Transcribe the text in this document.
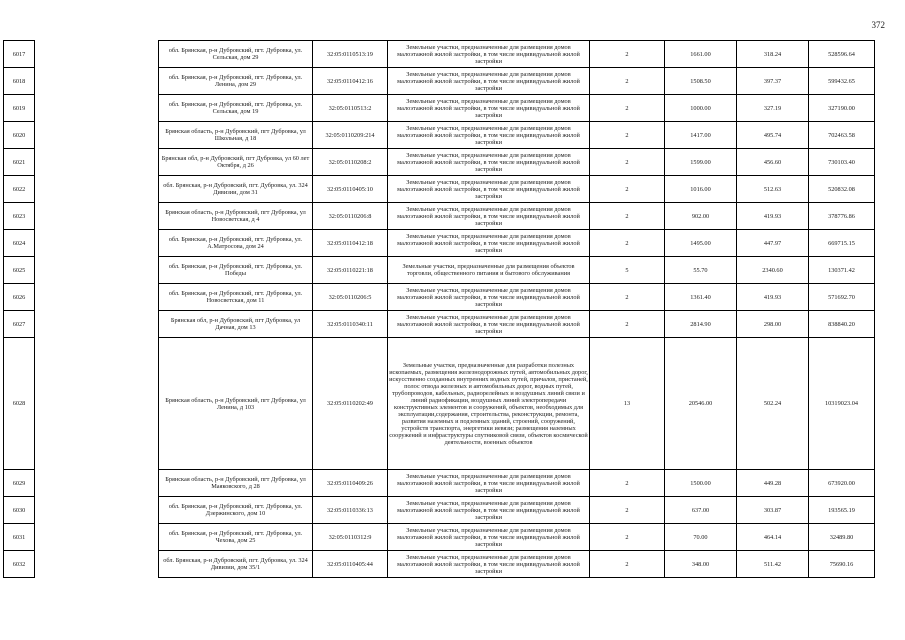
372
6017		обл. Брянская, р-н Дубровский, пгт. Дубровка, ул. Сельская, дом 29	32:05:0110513:19	Земельные участки, предназначенные для размещения домов малоэтажной жилой застройки, в том числе индивидуальной жилой застройки	2	1661.00	318.24	528596.64
6018		обл. Брянская, р-н Дубровский, пгт. Дубровка, ул. Ленина, дом 29	32:05:0110412:16	Земельные участки, предназначенные для размещения домов малоэтажной жилой застройки, в том числе индивидуальной жилой застройки	2	1508.50	397.37	599432.65
6019		обл. Брянская, р-н Дубровский, пгт. Дубровка, ул. Сельская, дом 19	32:05:0110513:2	Земельные участки, предназначенные для размещения домов малоэтажной жилой застройки, в том числе индивидуальной жилой застройки	2	1000.00	327.19	327190.00
6020		Брянская область, р-н Дубровский, пгт Дубровка, ул Школьная, д 18	32:05:0110209:214	Земельные участки, предназначенные для размещения домов малоэтажной жилой застройки, в том числе индивидуальной жилой застройки	2	1417.00	495.74	702463.58
6021		Брянская обл, р-н Дубровский, пгт Дубровка, ул 60 лет Октября, д 26	32:05:0110208:2	Земельные участки, предназначенные для размещения домов малоэтажной жилой застройки, в том числе индивидуальной жилой застройки	2	1599.00	456.60	730103.40
6022		обл. Брянская, р-н Дубровский, пгт. Дубровка, ул. 324 Дивизии, дом 31	32:05:0110405:10	Земельные участки, предназначенные для размещения домов малоэтажной жилой застройки, в том числе индивидуальной жилой застройки	2	1016.00	512.63	520832.08
6023		Брянская область, р-н Дубровский, пгт Дубровка, ул Новосветская, д 4	32:05:0110206:8	Земельные участки, предназначенные для размещения домов малоэтажной жилой застройки, в том числе индивидуальной жилой застройки	2	902.00	419.93	378776.86
6024		обл. Брянская, р-н Дубровский, пгт. Дубровка, ул. А.Матросова, дом 24	32:05:0110412:18	Земельные участки, предназначенные для размещения домов малоэтажной жилой застройки, в том числе индивидуальной жилой застройки	2	1495.00	447.97	669715.15
6025		обл. Брянская, р-н Дубровский, пгт. Дубровка, ул. Победы	32:05:0110221:18	Земельные участки, предназначенные для размещения объектов торговли, общественного питания и бытового обслуживания	5	55.70	2340.60	130371.42
6026		обл. Брянская, р-н Дубровский, пгт. Дубровка, ул. Новосветская, дом 11	32:05:0110206:5	Земельные участки, предназначенные для размещения домов малоэтажной жилой застройки, в том числе индивидуальной жилой застройки	2	1361.40	419.93	571692.70
6027		Брянская обл, р-н Дубровский, пгт Дубровка, ул Дачная, дом 13	32:05:0110340:11	Земельные участки, предназначенные для размещения домов малоэтажной жилой застройки, в том числе индивидуальной жилой застройки	2	2814.90	298.00	838840.20
6028		Брянская область, р-н Дубровский, пгт Дубровка, ул Ленина, д 103	32:05:0110202:49	Земельные участки, предназначенные для разработки полезных ископаемых, размещения железнодорожных путей, автомобильных дорог, искусственно созданных внутренних водных путей, причалов, пристаней, полос отвода железных и автомобильных дорог, водных путей, трубопроводов, кабельных, радиорелейных и воздушных линий связи и линий радиофикации, воздушных линий электропередачи конструктивных элементов и сооружений, объектов, необходимых для эксплуатации,содержания, строительства, реконструкции, ремонта, развития наземных и подземных зданий, строений, сооружений, устройств транспорта, энергетики иевязи; размещения наземных сооружений и инфраструктуры спутниковой связи, объектов космической деятельности, военных объектов	13	20546.00	502.24	10319023.04
6029		Брянская область, р-н Дубровский, пгт Дубровка, ул Маяковского, д 28	32:05:0110409:26	Земельные участки, предназначенные для размещения домов малоэтажной жилой застройки, в том числе индивидуальной жилой застройки	2	1500.00	449.28	673920.00
6030		обл. Брянская, р-н Дубровский, пгт. Дубровка, ул. Дзержинского, дом 10	32:05:0110336:13	Земельные участки, предназначенные для размещения домов малоэтажной жилой застройки, в том числе индивидуальной жилой застройки	2	637.00	303.87	193565.19
6031		обл. Брянская, р-н Дубровский, пгт. Дубровка, ул. Чехова, дом 25	32:05:0110312:9	Земельные участки, предназначенные для размещения домов малоэтажной жилой застройки, в том числе индивидуальной жилой застройки	2	70.00	464.14	32489.80
6032		обл. Брянская, р-н Дубровский, пгт. Дубровка, ул. 324 Дивизии, дом 35/1	32:05:0110405:44	Земельные участки, предназначенные для размещения домов малоэтажной жилой застройки, в том числе индивидуальной жилой застройки	2	348.00	511.42	75690.16
